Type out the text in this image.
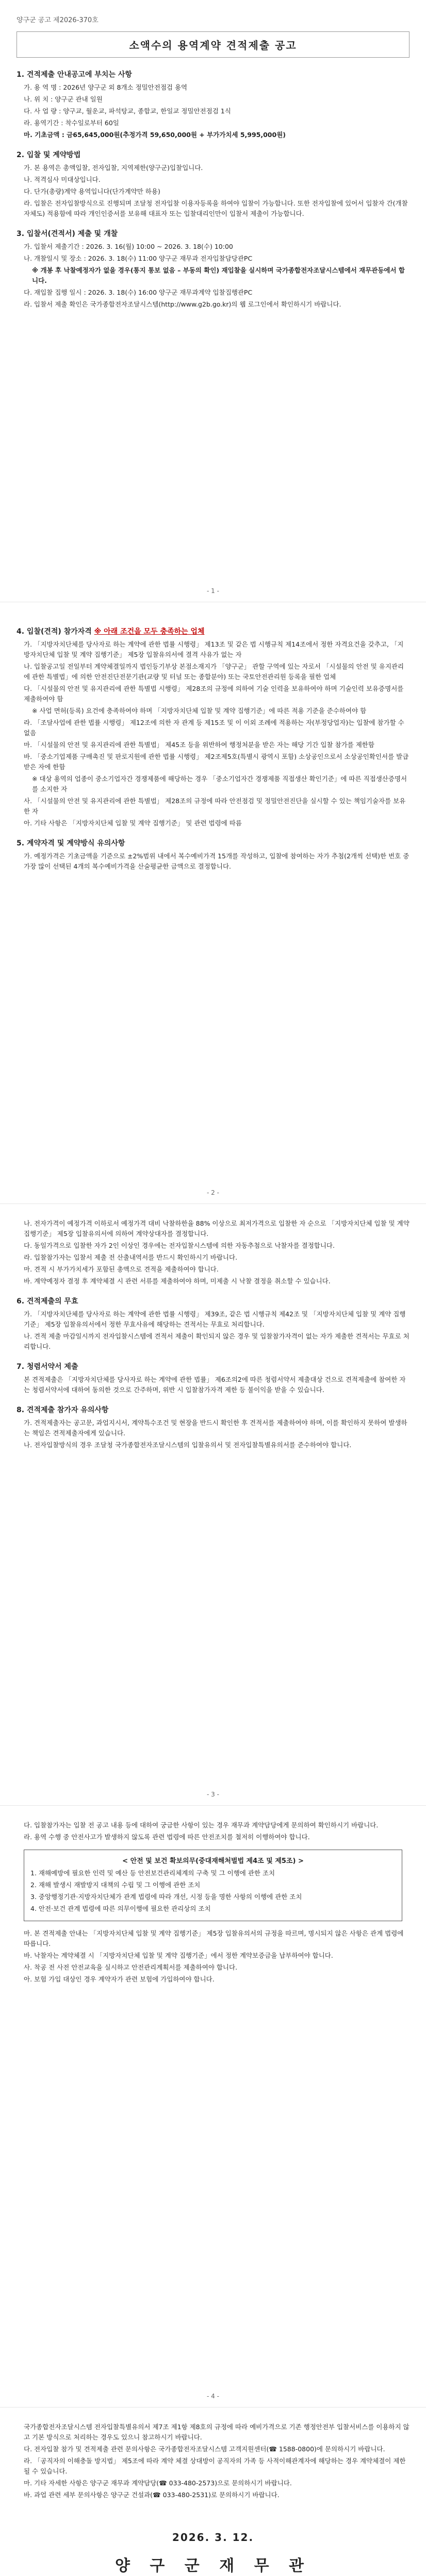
양구군 공고 제2026-370호

소액수의 용역계약 견적제출 공고
1. 견적제출 안내공고에 부치는 사항

가. 용 역 명 : 2026년 양구군 외 8개소 정밀안전점검 용역

나. 위 치 : 양구군 관내 일원

다. 사 업 량 : 양구교, 월운교, 파석탕교, 종합교, 한일교 정밀안전점검 1식

라. 용역기간 : 착수일로부터 60일

마. 기초금액 : 금65,645,000원(추정가격 59,650,000원 + 부가가치세 5,995,000원)

2. 입찰 및 계약방법

가. 본 용역은 총액입찰, 전자입찰, 지역제한(양구군)입찰입니다.

나. 적격심사 미대상입니다.

다. 단가(총량)계약 용역입니다(단가계약만 하용)

라. 입찰은 전자입찰방식으로 진행되며 조달청 전자입찰 이용자등록을 하여야 입찰이 가능합니다. 또한 전자입찰에 있어서 입찰자 간(개찰자체도) 적용함에 따라 개인인증서를 보유해 대표자 또는 입찰대리인만이 입찰서 제출이 가능합니다.

3. 입찰서(견적서) 제출 및 개찰

가. 입찰서 제출기간 : 2026. 3. 16(월) 10:00 ~ 2026. 3. 18(수) 10:00

나. 개찰일시 및 장소 : 2026. 3. 18(수) 11:00 양구군 재무과 전자입찰담당관PC

※ 개봉 후 낙찰예정자가 없을 경우(통지 통보 없음 – 부동의 확인) 재입찰을 실시하며 국가종합전자조달시스템에서 재무관등에서 합니다.

다. 재입찰 집행 일시 : 2026. 3. 18(수) 16:00 양구군 재무과계약 입찰집행관PC

라. 입찰서 제출 확인은 국가종합전자조달시스템(http://www.g2b.go.kr)의 웹 로그인에서 확인하시기 바랍니다.

- 1 -
4. 입찰(견적) 참가자격 ※ 아래 조건을 모두 충족하는 업체

가. 「지방자치단체를 당사자로 하는 계약에 관한 법률 시행령」 제13조 및 같은 법 시행규칙 제14조에서 정한 자격요건을 갖추고, 「지방자치단체 입찰 및 계약 집행기준」 제5장 입찰유의서에 결격 사유가 없는 자

나. 입찰공고일 전일부터 계약체결일까지 법인등기부상 본점소재지가 「양구군」 관할 구역에 있는 자로서 「시설물의 안전 및 유지관리에 관한 특별법」에 의한 안전진단전문기관(교량 및 터널 또는 종합분야) 또는 국토안전관리원 등록을 필한 업체

다. 「시설물의 안전 및 유지관리에 관한 특별법 시행령」 제28조의 규정에 의하여 기술 인력을 보유하여야 하며 기술인력 보유증명서를 제출하여야 함

※ 사업 면허(등록) 요건에 충족하여야 하며 「지방자치단체 입찰 및 계약 집행기준」에 따른 적용 기준을 준수하여야 함

라. 「조달사업에 관한 법률 시행령」 제12조에 의한 자 관계 등 제15조 및 이 이외 조례에 적용하는 자(부정당업자)는 입찰에 참가할 수 없음

마. 「시설물의 안전 및 유지관리에 관한 특별법」 제45조 등을 위반하여 행정처분을 받은 자는 해당 기간 입찰 참가를 제한함

바. 「중소기업제품 구매촉진 및 판로지원에 관한 법률 시행령」 제2조제5호(특별시 광역시 포함) 소상공인으로서 소상공인확인서를 발급받은 자에 한함

※ 대상 용역의 업종이 중소기업자간 경쟁제품에 해당하는 경우 「중소기업자간 경쟁제품 직접생산 확인기준」에 따른 직접생산증명서를 소지한 자

사. 「시설물의 안전 및 유지관리에 관한 특별법」 제28조의 규정에 따라 안전점검 및 정밀안전진단을 실시할 수 있는 책임기술자를 보유한 자

아. 기타 사항은 「지방자치단체 입찰 및 계약 집행기준」 및 관련 법령에 따름

5. 계약자격 및 계약방식 유의사항

가. 예정가격은 기초금액을 기준으로 ±2%범위 내에서 복수예비가격 15개를 작성하고, 입찰에 참여하는 자가 추첨(2개씩 선택)한 번호 중 가장 많이 선택된 4개의 복수예비가격을 산술평균한 금액으로 결정합니다.

- 2 -

나. 전자가격이 예정가격 이하로서 예정가격 대비 낙찰하한율 88% 이상으로 최저가격으로 입찰한 자 순으로 「지방자치단체 입찰 및 계약 집행기준」 제5장 입찰유의서에 의하여 계약상대자를 결정합니다.

다. 동일가격으로 입찰한 자가 2인 이상인 경우에는 전자입찰시스템에 의한 자동추첨으로 낙찰자를 결정합니다.

라. 입찰참가자는 입찰서 제출 전 산출내역서를 반드시 확인하시기 바랍니다.

마. 견적 시 부가가치세가 포함된 총액으로 견적을 제출하여야 합니다.

바. 계약예정자 결정 후 계약체결 시 관련 서류를 제출하여야 하며, 미제출 시 낙찰 결정을 취소할 수 있습니다.

6. 견적제출의 무효

가. 「지방자치단체를 당사자로 하는 계약에 관한 법률 시행령」 제39조, 같은 법 시행규칙 제42조 및 「지방자치단체 입찰 및 계약 집행기준」 제5장 입찰유의서에서 정한 무효사유에 해당하는 견적서는 무효로 처리합니다.

나. 견적 제출 마감일시까지 전자입찰시스템에 견적서 제출이 확인되지 않은 경우 및 입찰참가자격이 없는 자가 제출한 견적서는 무효로 처리합니다.

7. 청렴서약서 제출

본 견적제출은 「지방자치단체를 당사자로 하는 계약에 관한 법률」 제6조의2에 따른 청렴서약서 제출대상 건으로 견적제출에 참여한 자는 청렴서약서에 대하여 동의한 것으로 간주하며, 위반 시 입찰참가자격 제한 등 불이익을 받을 수 있습니다.

8. 견적제출 참가자 유의사항

가. 견적제출자는 공고문, 과업지시서, 계약특수조건 및 현장을 반드시 확인한 후 견적서를 제출하여야 하며, 이를 확인하지 못하여 발생하는 책임은 견적제출자에게 있습니다.

나. 전자입찰방식의 경우 조달청 국가종합전자조달시스템의 입찰유의서 및 전자입찰특별유의서를 준수하여야 합니다.

- 3 -

다. 입찰참가자는 입찰 전 공고 내용 등에 대하여 궁금한 사항이 있는 경우 재무과 계약담당에게 문의하여 확인하시기 바랍니다.

라. 용역 수행 중 안전사고가 발생하지 않도록 관련 법령에 따른 안전조치를 철저히 이행하여야 합니다.

< 안전 및 보건 확보의무(중대재해처벌법 제4조 및 제5조) >

1. 재해예방에 필요한 인력 및 예산 등 안전보건관리체계의 구축 및 그 이행에 관한 조치

2. 재해 발생시 재발방지 대책의 수립 및 그 이행에 관한 조치

3. 중앙행정기관·지방자치단체가 관계 법령에 따라 개선, 시정 등을 명한 사항의 이행에 관한 조치

4. 안전·보건 관계 법령에 따른 의무이행에 필요한 관리상의 조치

마. 본 견적제출 안내는 「지방자치단체 입찰 및 계약 집행기준」 제5장 입찰유의서의 규정을 따르며, 명시되지 않은 사항은 관계 법령에 따릅니다.

바. 낙찰자는 계약체결 시 「지방자치단체 입찰 및 계약 집행기준」에서 정한 계약보증금을 납부하여야 합니다.

사. 착공 전 사전 안전교육을 실시하고 안전관리계획서를 제출하여야 합니다.

아. 보험 가입 대상인 경우 계약자가 관련 보험에 가입하여야 합니다.

- 4 -

국가종합전자조달시스템 전자입찰특별유의서 제7조 제1항 제8호의 규정에 따라 예비가격으로 기존 행정안전부 입찰서비스를 이용하지 않고 기본 방식으로 처리하는 경우도 있으니 참고하시기 바랍니다.

다. 전자입찰 참가 및 견적제출 관련 문의사항은 국가종합전자조달시스템 고객지원센터(☎ 1588-0800)에 문의하시기 바랍니다.

라. 「공직자의 이해충돌 방지법」 제5조에 따라 계약 체결 상대방이 공직자의 가족 등 사적이해관계자에 해당하는 경우 계약체결이 제한될 수 있습니다.

마. 기타 자세한 사항은 양구군 재무과 계약담당(☎ 033-480-2573)으로 문의하시기 바랍니다.

바. 과업 관련 세부 문의사항은 양구군 건설과(☎ 033-480-2531)로 문의하시기 바랍니다.

2026. 3. 12.

양 구 군 재 무 관
